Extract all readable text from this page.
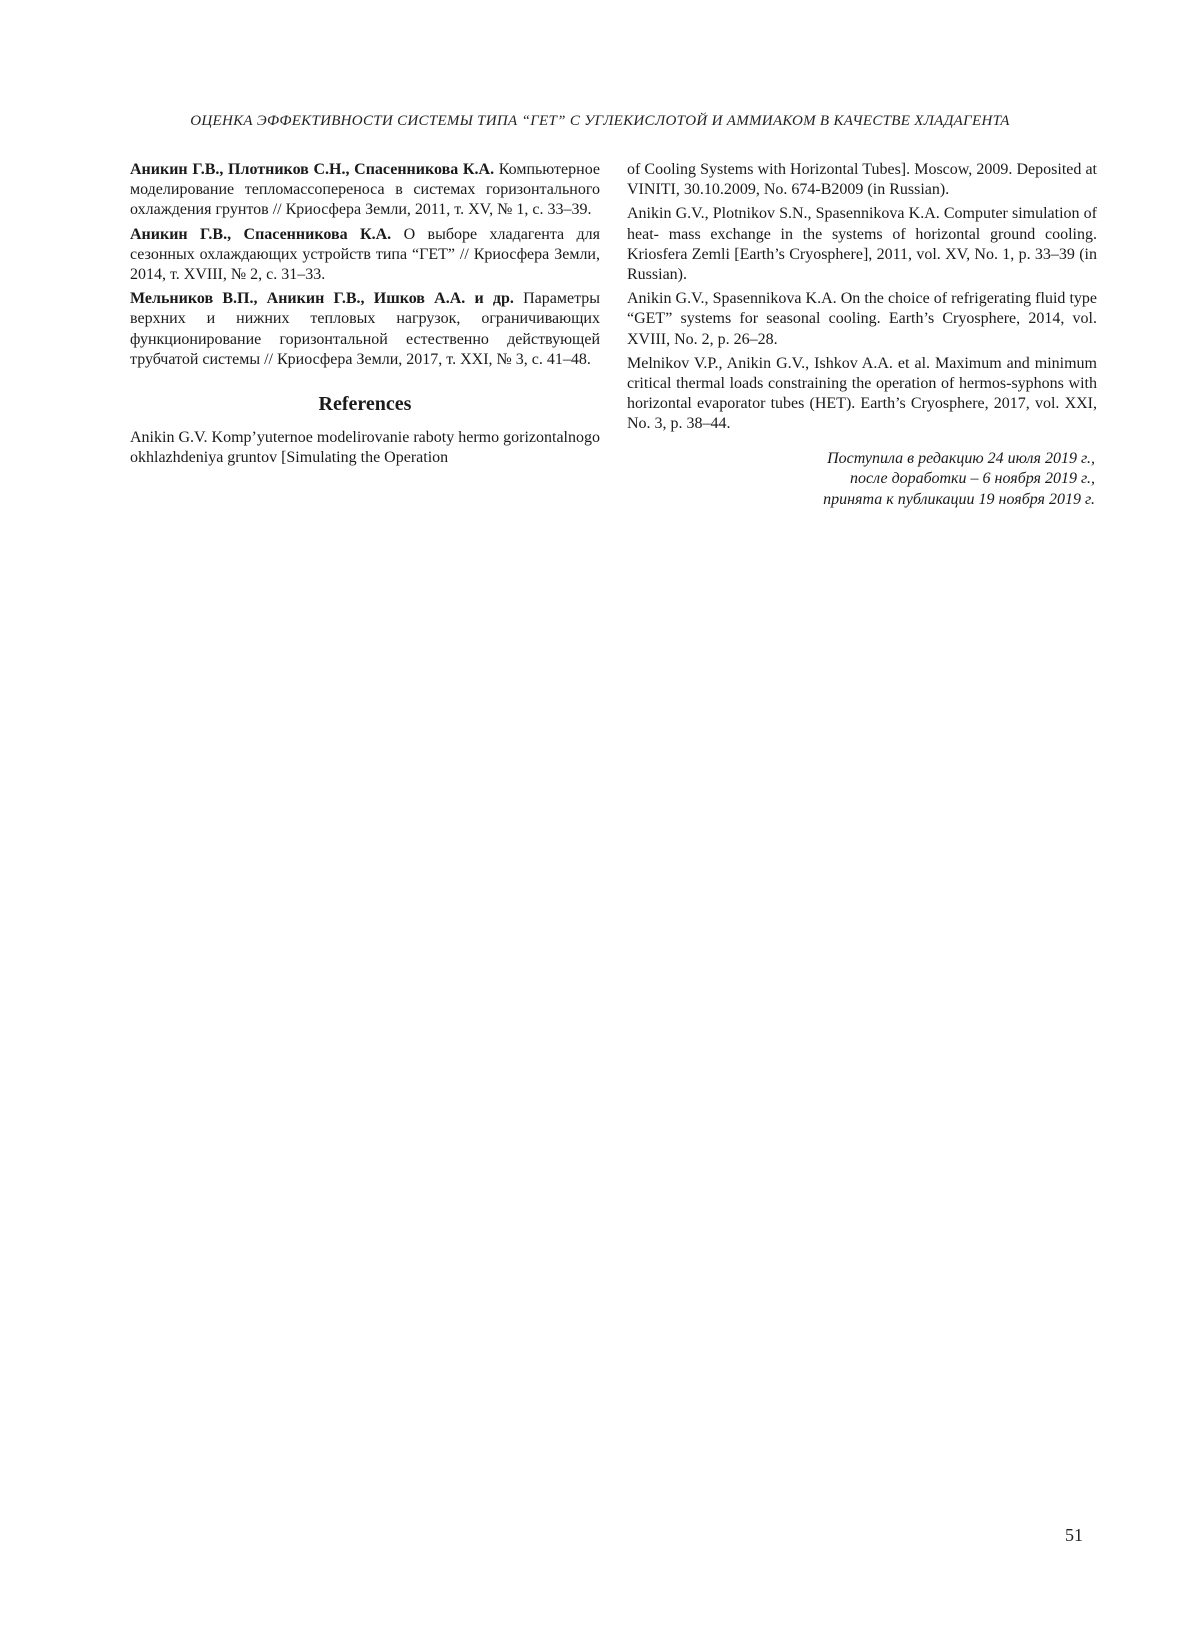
ОЦЕНКА ЭФФЕКТИВНОСТИ СИСТЕМЫ ТИПА “ГЕТ” С УГЛЕКИСЛОТОЙ И АММИАКОМ В КАЧЕСТВЕ ХЛАДАГЕНТА

Аникин Г.В., Плотников С.Н., Спасенникова К.А. Компьютерное моделирование тепломассопереноса в системах горизонтального охлаждения грунтов // Криосфера Земли, 2011, т. XV, № 1, с. 33–39.

Аникин Г.В., Спасенникова К.А. О выборе хладагента для сезонных охлаждающих устройств типа “ГЕТ” // Криосфера Земли, 2014, т. XVIII, № 2, с. 31–33.

Мельников В.П., Аникин Г.В., Ишков А.А. и др. Параметры верхних и нижних тепловых нагрузок, ограничивающих функционирование горизонтальной естественно действующей трубчатой системы // Криосфера Земли, 2017, т. XXI, № 3, с. 41–48.

References

Anikin G.V. Komp’yuternoe modelirovanie raboty hermo gorizontalnogo okhlazhdeniya gruntov [Simulating the Operation

of Cooling Systems with Horizontal Tubes]. Moscow, 2009. Deposited at VINITI, 30.10.2009, No. 674-B2009 (in Russian).

Anikin G.V., Plotnikov S.N., Spasennikova K.A. Computer simulation of heat- mass exchange in the systems of horizontal ground cooling. Kriosfera Zemli [Earth’s Cryosphere], 2011, vol. XV, No. 1, p. 33–39 (in Russian).

Anikin G.V., Spasennikova K.A. On the choice of refrigerating fluid type “GET” systems for seasonal cooling. Earth’s Cryosphere, 2014, vol. XVIII, No. 2, p. 26–28.

Melnikov V.P., Anikin G.V., Ishkov A.A. et al. Maximum and minimum critical thermal loads constraining the operation of hermos-syphons with horizontal evaporator tubes (HET). Earth’s Cryosphere, 2017, vol. XXI, No. 3, p. 38–44.

Поступила в редакцию 24 июля 2019 г.,
после доработки – 6 ноября 2019 г.,
принята к публикации 19 ноября 2019 г.
51
